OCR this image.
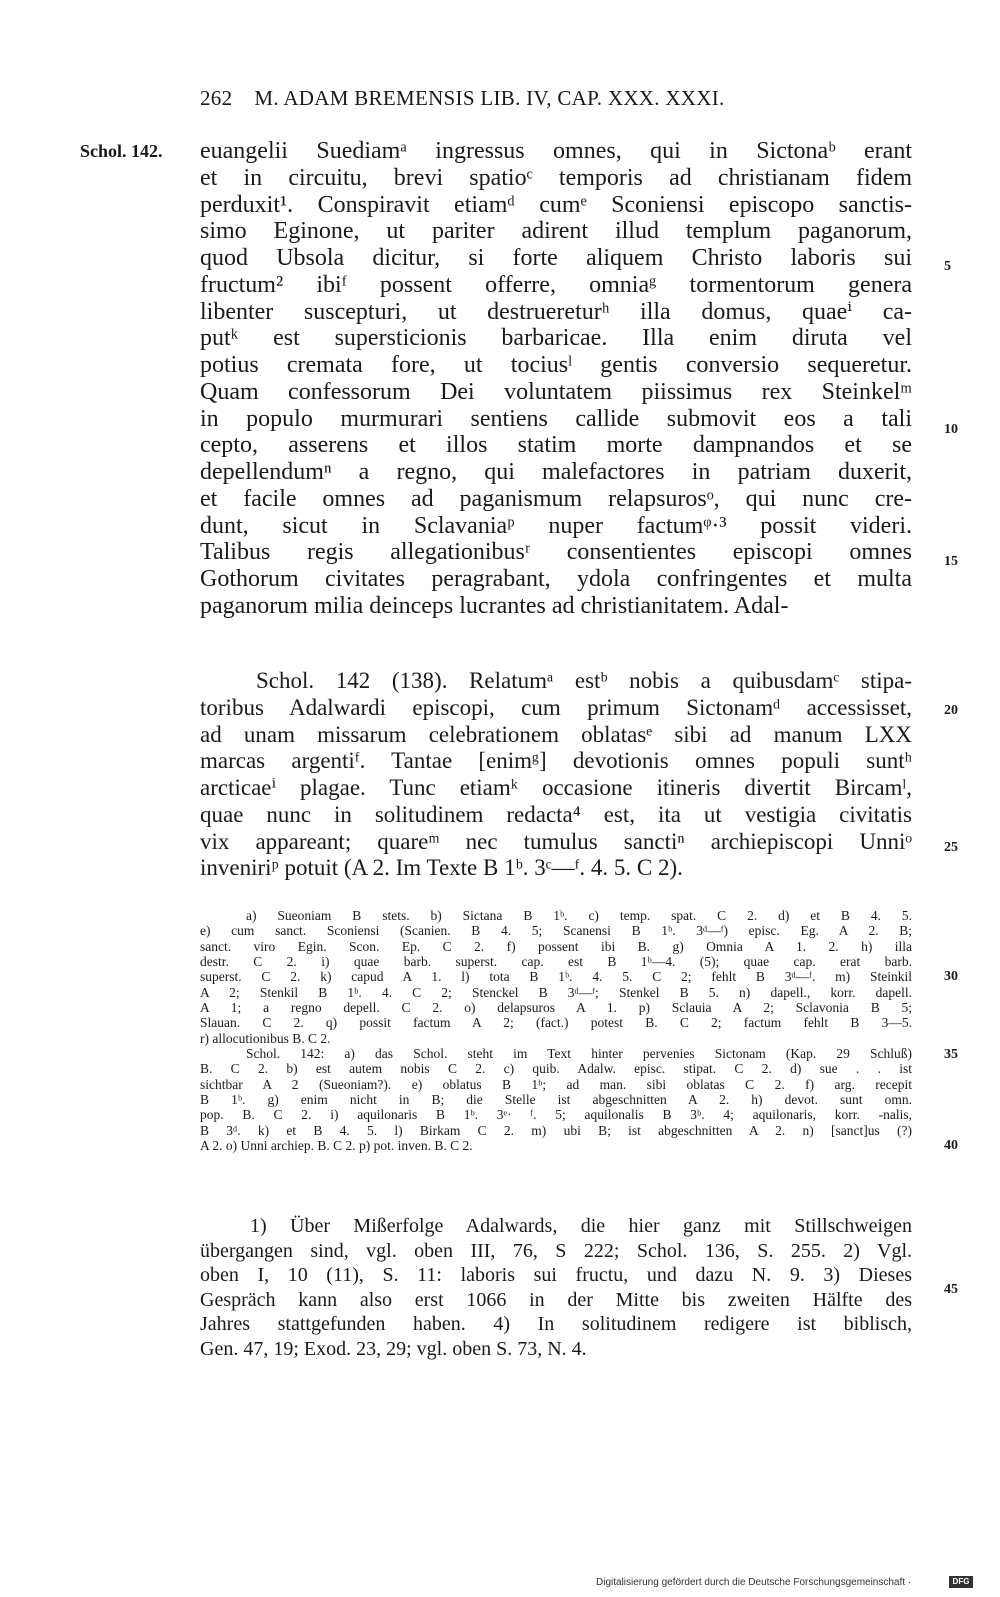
262 M. ADAM BREMENSIS LIB. IV, CAP. XXX. XXXI.
Schol. 142. euangelii Suediamᵃ ingressus omnes, qui in Sictonaᵇ erant
et in circuitu, brevi spatioᶜ temporis ad christianam fidem
perduxit¹. Conspiravit etiamᵈ cumᵉ Sconiensi episcopo sanctis-
simo Eginone, ut pariter adirent illud templum paganorum,
quod Ubsola dicitur, si forte aliquem Christo laboris sui
fructum² ibiᶠ possent offerre, omniaᵍ tormentorum genera
libenter suscepturi, ut destruereturʰ illa domus, quaeⁱ ca-
putᵏ est supersticionis barbaricae. Illa enim diruta vel
potius cremata fore, ut tociusˡ gentis conversio sequeretur.
Quam confessorum Dei voluntatem piissimus rex Steinkelᵐ
in populo murmurari sentiens callide submovit eos a tali
cepto, asserens et illos statim morte dampnandos et se
depellendumⁿ a regno, qui malefactores in patriam duxerit,
et facile omnes ad paganismum relapsurosᵒ, qui nunc cre-
dunt, sicut in Sclavaniaᵖ nuper factumᵠ·³ possit videri.
Talibus regis allegationibusʳ consentientes episcopi omnes
Gothorum civitates peragrabant, ydola confringentes et multa
paganorum milia deinceps lucrantes ad christianitatem. Adal-
5
10
15
Schol. 142 (138). Relatumᵃ estᵇ nobis a quibusdamᶜ stipa-
toribus Adalwardi episcopi, cum primum Sictonamᵈ accessisset,
ad unam missarum celebrationem oblatasᵉ sibi ad manum LXX
marcas argentiᶠ. Tantae [enimᵍ] devotionis omnes populi suntʰ
arcticaeⁱ plagae. Tunc etiamᵏ occasione itineris divertit Bircamˡ,
quae nunc in solitudinem redacta⁴ est, ita ut vestigia civitatis
vix appareant; quareᵐ nec tumulus sanctiⁿ archiepiscopi Unniᵒ
inveniriᵖ potuit (A 2. Im Texte B 1ᵇ. 3ᶜ—ᶠ. 4. 5. C 2).
20
25
a) Sueoniam B stets. b) Sictana B 1ᵇ. c) temp. spat. C 2. d) et B 4. 5.
e) cum sanct. Sconiensi (Scanien. B 4. 5; Scanensi B 1ᵇ. 3ᵈ—ᶠ) episc. Eg. A 2. B;
sanct. viro Egin. Scon. Ep. C 2. f) possent ibi B. g) Omnia A 1. 2. h) illa
destr. C 2. i) quae barb. superst. cap. est B 1ᵇ—4. (5); quae cap. erat barb.
superst. C 2. k) capud A 1. l) tota B 1ᵇ. 4. 5. C 2; fehlt B 3ᵈ—ᶠ. m) Steinkil
A 2; Stenkil B 1ᵇ. 4. C 2; Stenckel B 3ᵈ—ᶠ; Stenkel B 5. n) dapell., korr. dapell.
A 1; a regno depell. C 2. o) delapsuros A 1. p) Sclauia A 2; Sclavonia B 5;
Slauan. C 2. q) possit factum A 2; (fact.) potest B. C 2; factum fehlt B 3—5.
r) allocutionibus B. C 2.
Schol. 142: a) das Schol. steht im Text hinter pervenies Sictonam (Kap. 29 Schluß)
B. C 2. b) est autem nobis C 2. c) quib. Adalw. episc. stipat. C 2. d) sue . . ist
sichtbar A 2 (Sueoniam?). e) oblatus B 1ᵇ; ad man. sibi oblatas C 2. f) arg. recepit
B 1ᵇ. g) enim nicht in B; die Stelle ist abgeschnitten A 2. h) devot. sunt omn.
pop. B. C 2. i) aquilonaris B 1ᵇ. 3ᵉ· ᶠ. 5; aquilonalis B 3ᵇ. 4; aquilonaris, korr. -nalis,
B 3ᵈ. k) et B 4. 5. l) Birkam C 2. m) ubi B; ist abgeschnitten A 2. n) [sanct]us (?)
A 2. o) Unni archiep. B. C 2. p) pot. inven. B. C 2.
30
35
40
1) Über Mißerfolge Adalwards, die hier ganz mit Stillschweigen
übergangen sind, vgl. oben III, 76, S 222; Schol. 136, S. 255. 2) Vgl.
oben I, 10 (11), S. 11: laboris sui fructu, und dazu N. 9. 3) Dieses
Gespräch kann also erst 1066 in der Mitte bis zweiten Hälfte des
Jahres stattgefunden haben. 4) In solitudinem redigere ist biblisch,
Gen. 47, 19; Exod. 23, 29; vgl. oben S. 73, N. 4.
45
Digitalisierung gefördert durch die Deutsche Forschungsgemeinschaft ·	DFG
